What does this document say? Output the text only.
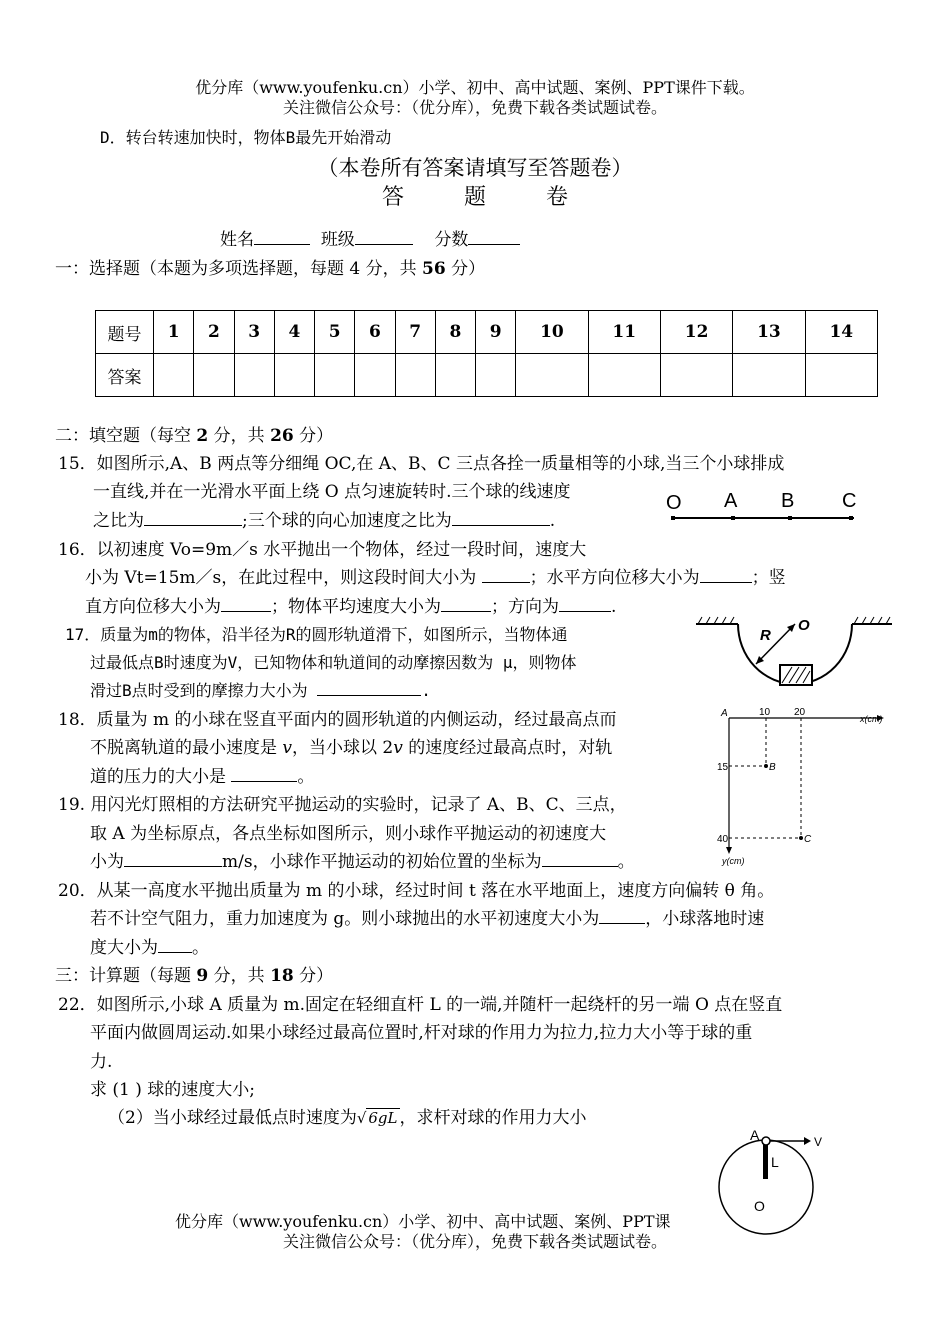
优分库（www.youfenku.cn）小学、初中、高中试题、案例、PPT课件下载。
关注微信公众号：（优分库），免费下载各类试题试卷。
D．转台转速加快时，物体B最先开始滑动
（本卷所有答案请填写至答题卷）
答题卷
姓名	班级	分数
一：选择题（本题为多项选择题，每题 4 分，共 56 分）
题号	1	2	3	4	5	6	7	8	9	10	11	12	13	14
答案														
二：填空题（每空 2 分，共 26 分）
15．如图所示,A、B 两点等分细绳 OC,在 A、B、C 三点各拴一质量相等的小球,当三个小球排成
一直线,并在一光滑水平面上绕 O 点匀速旋转时.三个球的线速度
之比为	;三个球的向心加速度之比为	.
O A B C
16．以初速度 Vo=9m／s 水平抛出一个物体，经过一段时间，速度大
小为 Vt=15m／s，在此过程中，则这段时间大小为	；水平方向位移大小为	；竖
直方向位移大小为	；物体平均速度大小为	；方向为	.
17．质量为m的物体，沿半径为R的圆形轨道滑下，如图所示，当物体通
过最低点B时速度为V，已知物体和轨道间的动摩擦因数为 μ，则物体
滑过B点时受到的摩擦力大小为	.
R
O
18．质量为 m 的小球在竖直平面内的圆形轨道的内侧运动，经过最高点而
不脱离轨道的最小速度是 v，当小球以 2v 的速度经过最高点时，对轨
道的压力的大小是	。
19. 用闪光灯照相的方法研究平抛运动的实验时，记录了 A、B、C、三点，
取 A 为坐标原点，各点坐标如图所示，则小球作平抛运动的初速度大
小为	m/s，小球作平抛运动的初始位置的坐标为	。
A	10 20
x(cm)
15
40
y(cm)
B
C
20．从某一高度水平抛出质量为 m 的小球，经过时间 t 落在水平地面上，速度方向偏转 θ 角。
若不计空气阻力，重力加速度为 g。则小球抛出的水平初速度大小为	，小球落地时速
度大小为 。
三：计算题（每题 9 分，共 18 分）
22．如图所示,小球 A 质量为 m.固定在轻细直杆 L 的一端,并随杆一起绕杆的另一端 O 点在竖直
平面内做圆周运动.如果小球经过最高位置时,杆对球的作用力为拉力,拉力大小等于球的重
力.
求 (1 ) 球的速度大小;
（2）当小球经过最低点时速度为√ 6gL ，求杆对球的作用力大小
A	V
L
O
优分库（www.youfenku.cn）小学、初中、高中试题、案例、PPT课
关注微信公众号：（优分库），免费下载各类试题试卷。
